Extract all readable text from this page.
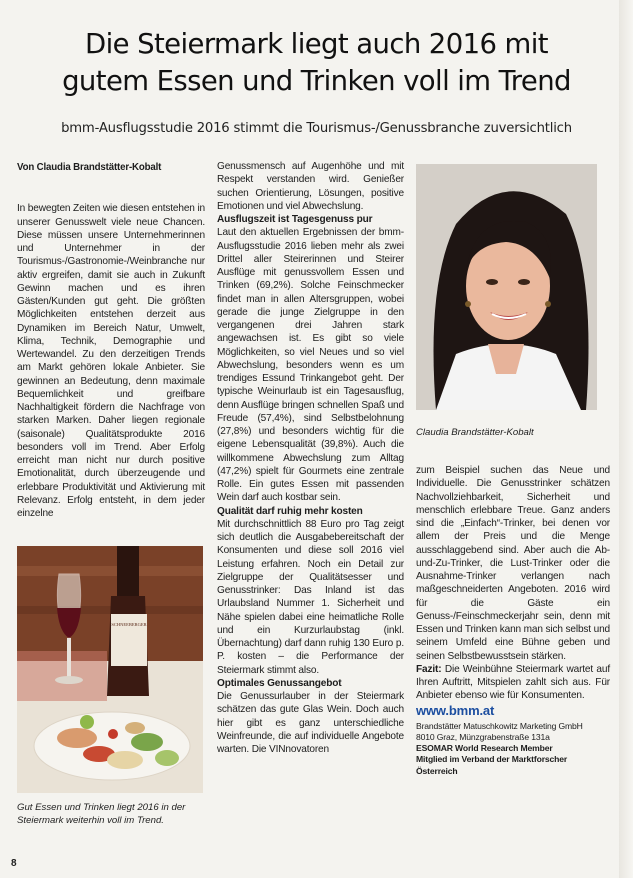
Die Steiermark liegt auch 2016 mit
gutem Essen und Trinken voll im Trend
bmm-Ausflugsstudie 2016 stimmt die Tourismus-/Genussbranche zuversichtlich

Von Claudia Brandstätter-Kobalt

In bewegten Zeiten wie diesen entstehen in unserer Genusswelt viele neue Chancen. Diese müssen unsere Unternehmerinnen und Unternehmer in der Tourismus-/Gastronomie-/Weinbranche nur aktiv ergreifen, damit sie auch in Zukunft Gewinn machen und es ihren Gästen/Kunden gut geht. Die größten Möglichkeiten entstehen derzeit aus Dynamiken im Bereich Natur, Umwelt, Klima, Technik, Demographie und Wertewandel. Zu den derzeitigen Trends am Markt gehören lokale Anbieter. Sie gewinnen an Bedeutung, denn maximale Bequemlichkeit und greifbare Nachhaltigkeit fördern die Nachfrage von starken Marken. Daher liegen regionale (saisonale) Qualitätsprodukte 2016 besonders voll im Trend. Aber Erfolg erreicht man nicht nur durch positive Emotionalität, durch überzeugende und erlebbare Produktivität und Aktivierung mit Relevanz. Erfolg entsteht, in dem jeder einzelne

SCHNEEBERGER
Gut Essen und Trinken liegt 2016 in der Steiermark weiterhin voll im Trend.

Genussmensch auf Augenhöhe und mit Respekt verstanden wird. Genießer suchen Orientierung, Lösungen, positive Emotionen und viel Abwechslung.

Ausflugszeit ist Tagesgenuss pur

Laut den aktuellen Ergebnissen der bmm-Ausflugsstudie 2016 lieben mehr als zwei Drittel aller Steirerinnen und Steirer Ausflüge mit genussvollem Essen und Trinken (69,2%). Solche Feinschmecker findet man in allen Altersgruppen, wobei gerade die junge Zielgruppe in den vergangenen drei Jahren stark angewachsen ist. Es gibt so viele Möglichkeiten, so viel Neues und so viel Abwechslung, besonders wenn es um trendiges Essund Trinkangebot geht. Der typische Weinurlaub ist ein Tagesausflug, denn Ausflüge bringen schnellen Spaß und Freude (57,4%), sind Selbstbelohnung (27,8%) und besonders wichtig für die eigene Lebensqualität (39,8%). Auch die willkommene Abwechslung zum Alltag (47,2%) spielt für Gourmets eine zentrale Rolle. Ein gutes Essen mit passenden Wein darf auch kostbar sein.

Qualität darf ruhig mehr kosten

Mit durchschnittlich 88 Euro pro Tag zeigt sich deutlich die Ausgabebereitschaft der Konsumenten und diese soll 2016 viel Leistung erfahren. Noch ein Detail zur Zielgruppe der Qualitätsesser und Genusstrinker: Das Inland ist das Urlaubsland Nummer 1. Sicherheit und Nähe spielen dabei eine heimatliche Rolle und ein Kurzurlaubstag (inkl. Übernachtung) darf dann ruhig 130 Euro p. P. kosten – die Performance der Steiermark stimmt also.

Optimales Genussangebot

Die Genussurlauber in der Steiermark schätzen das gute Glas Wein. Doch auch hier gibt es ganz unterschiedliche Weinfreunde, die auf individuelle Angebote warten. Die VINnovatoren

Claudia Brandstätter-Kobalt

zum Beispiel suchen das Neue und Individuelle. Die Genusstrinker schätzen Nachvollziehbarkeit, Sicherheit und menschlich erlebbare Treue. Ganz anders sind die „Einfach“-Trinker, bei denen vor allem der Preis und die Menge ausschlaggebend sind. Aber auch die Ab-und-Zu-Trinker, die Lust-Trinker oder die Ausnahme-Trinker verlangen nach maßgeschneiderten Angeboten. 2016 wird für die Gäste ein Genuss-/Feinschmeckerjahr sein, denn mit Essen und Trinken kann man sich selbst und seinem Umfeld eine Bühne geben und seinen Selbstbewusstsein stärken.

Fazit: Die Weinbühne Steiermark wartet auf Ihren Auftritt, Mitspielen zahlt sich aus. Für Anbieter ebenso wie für Konsumenten.

www.bmm.at

Brandstätter Matuschkowitz Marketing GmbH
8010 Graz, Münzgrabenstraße 131a
ESOMAR World Research Member
Mitglied im Verband der Marktforscher Österreich
8
